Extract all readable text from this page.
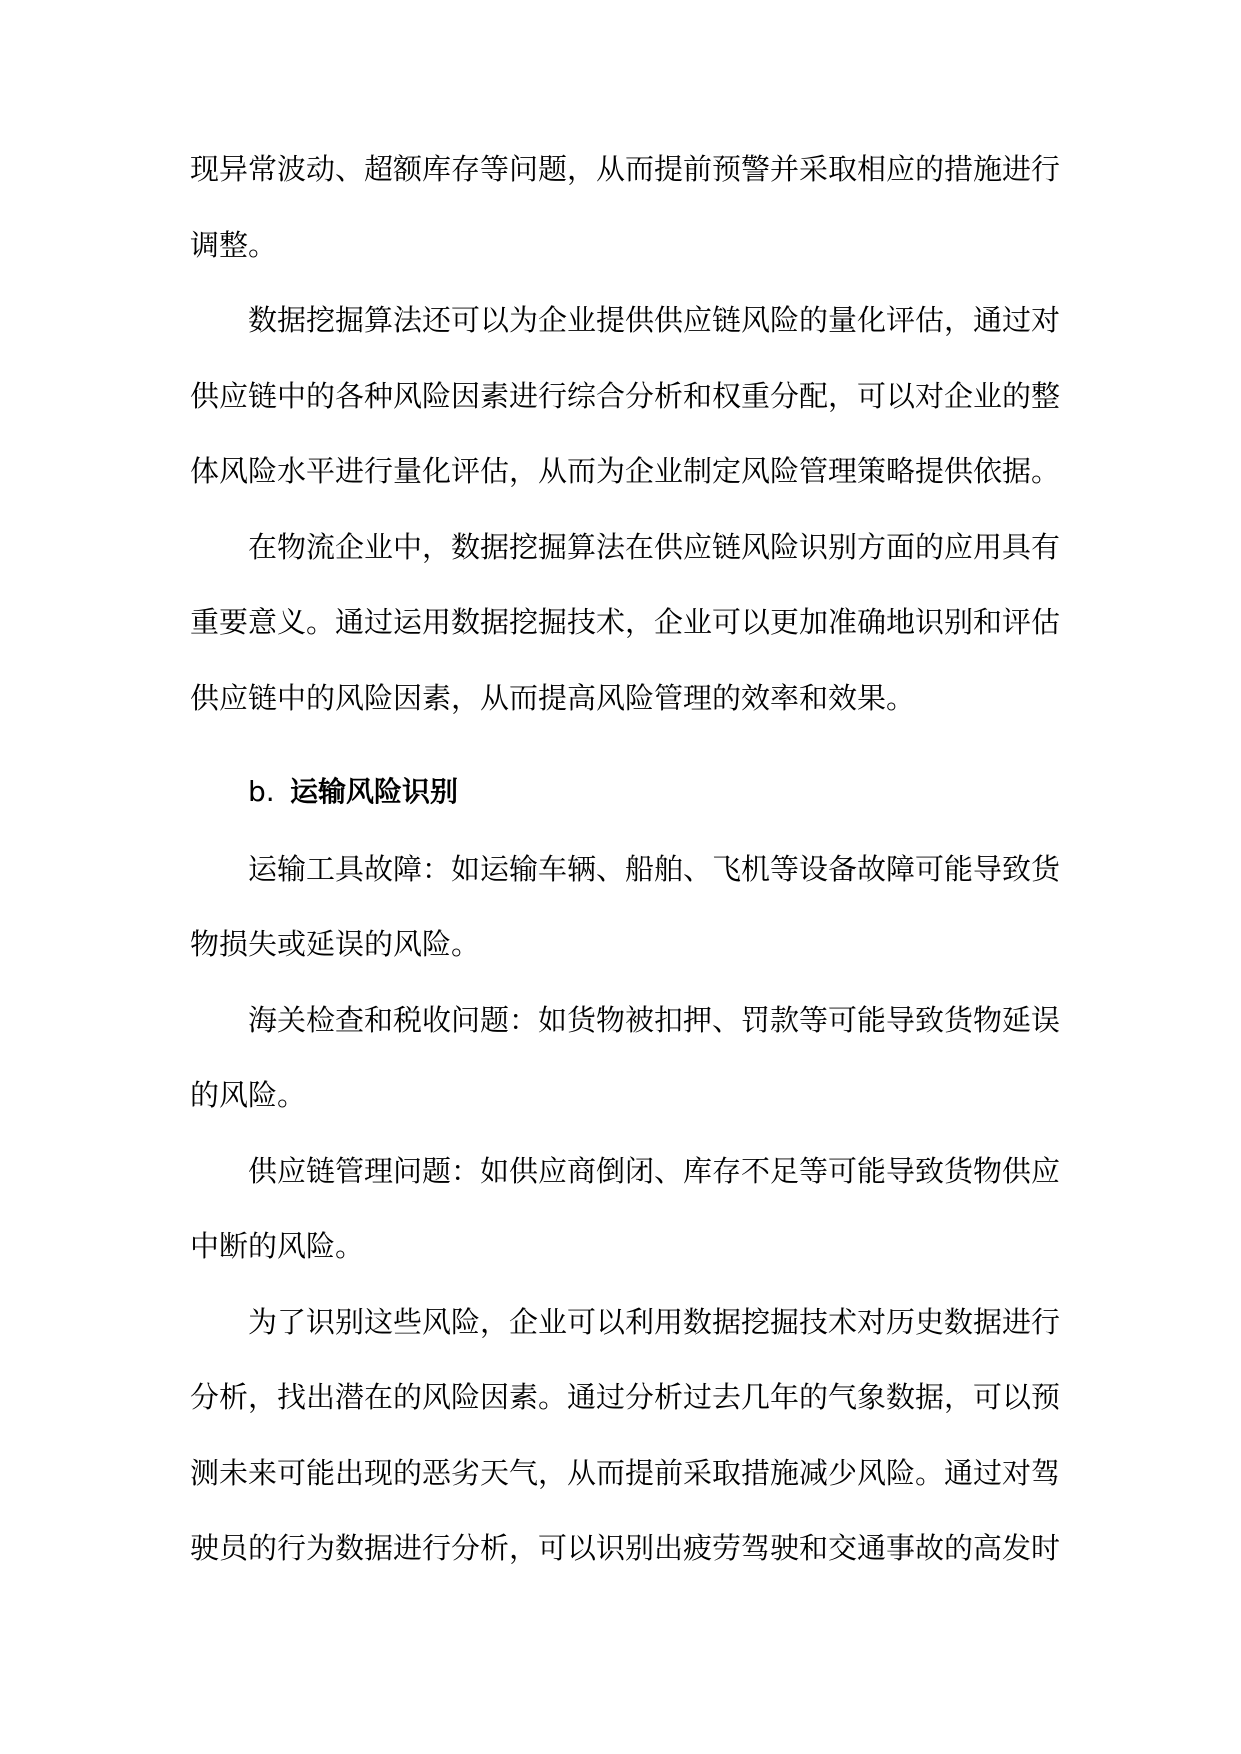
现异常波动、超额库存等问题，从而提前预警并采取相应的措施进行
调整。
数据挖掘算法还可以为企业提供供应链风险的量化评估，通过对
供应链中的各种风险因素进行综合分析和权重分配，可以对企业的整
体风险水平进行量化评估，从而为企业制定风险管理策略提供依据。
在物流企业中，数据挖掘算法在供应链风险识别方面的应用具有
重要意义。通过运用数据挖掘技术，企业可以更加准确地识别和评估
供应链中的风险因素，从而提高风险管理的效率和效果。
b. 运输风险识别
运输工具故障：如运输车辆、船舶、飞机等设备故障可能导致货
物损失或延误的风险。
海关检查和税收问题：如货物被扣押、罚款等可能导致货物延误
的风险。
供应链管理问题：如供应商倒闭、库存不足等可能导致货物供应
中断的风险。
为了识别这些风险，企业可以利用数据挖掘技术对历史数据进行
分析，找出潜在的风险因素。通过分析过去几年的气象数据，可以预
测未来可能出现的恶劣天气，从而提前采取措施减少风险。通过对驾
驶员的行为数据进行分析，可以识别出疲劳驾驶和交通事故的高发时
